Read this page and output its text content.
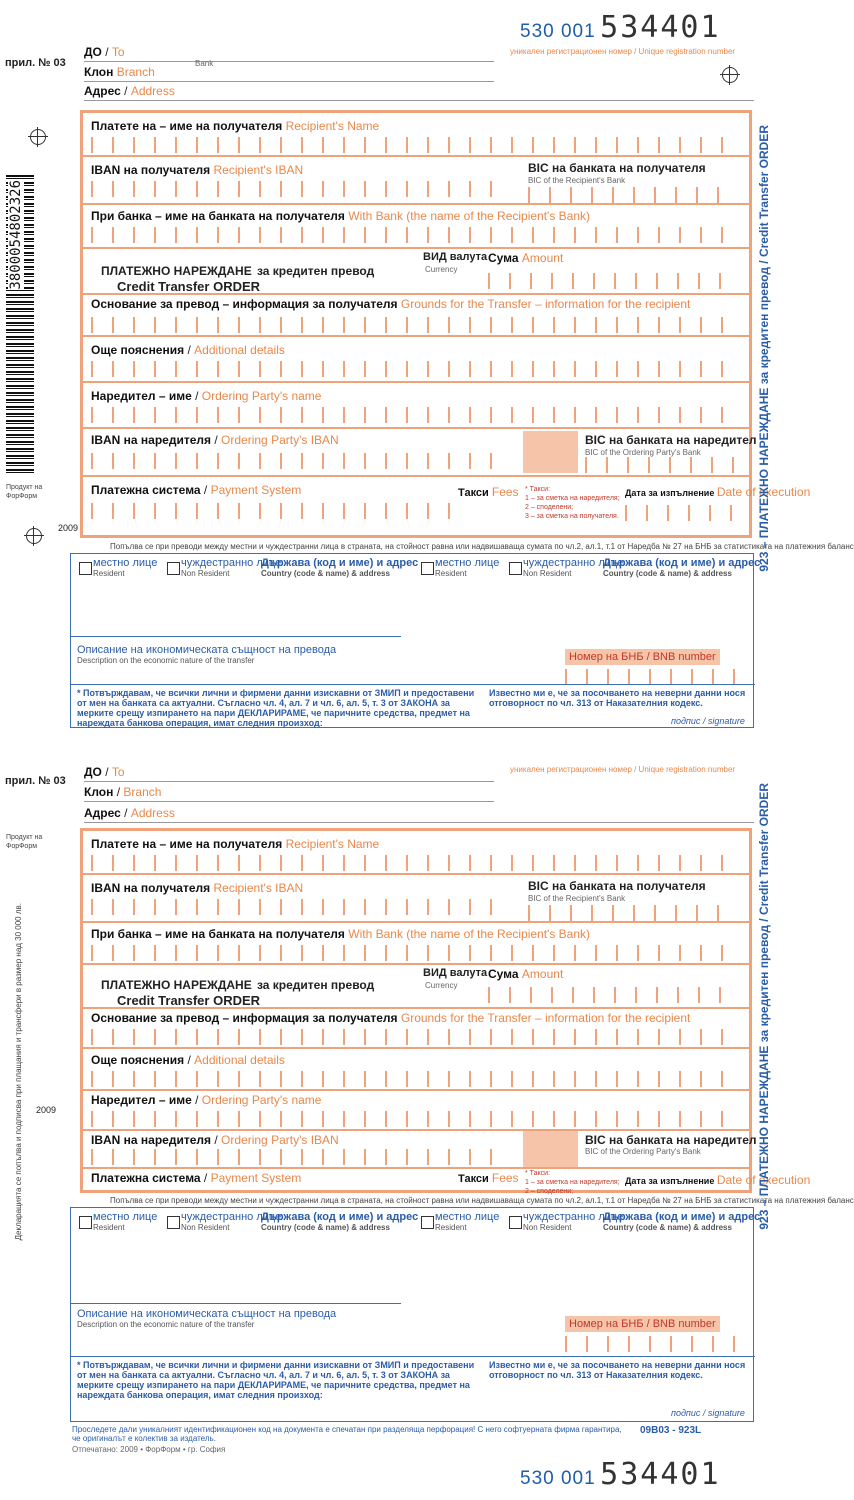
530 001 534401
прил. № 03
ДО / To
Bank
уникален регистрационен номер / Unique registration number
Клон Branch
Адрес / Address
3800054802326
Продукт на ФорФорм
2009
Платете на – име на получателя Recipient's Name
IBAN на получателя Recipient's IBAN	BIC на банката на получателя
BIC of the Recipient's Bank
При банка – име на банката на получателя With Bank (the name of the Recipient's Bank)
ПЛАТЕЖНО НАРЕЖДАНЕ за кредитен превод
Credit Transfer ORDER
ВИД валута
Currency
Сума Amount
Основание за превод – информация за получателя Grounds for the Transfer – information for the recipient
Още пояснения / Additional details
Наредител – име / Ordering Party's name
IBAN на наредителя / Ordering Party's IBAN	BIC на банката на наредител
BIC of the Ordering Party's Bank
Платежна система / Payment System	Такси Fees * Такси:
1 – за сметка на наредителя;
2 – споделени;
3 – за сметка на получателя.
Дата за изпълнение Date of execution
Попълва се при преводи между местни и чуждестранни лица в страната, на стойност равна или надвишаваща сумата по чл.2, ал.1, т.1 от Наредба № 27 на БНБ за статистиката на платежния баланс
местно лице
Resident
чуждестранно лице
Non Resident
Държава (код и име) и адрес
Country (code & name) & address
местно лице
Resident
чуждестранно лице
Non Resident
Държава (код и име) и адрес
Country (code & name) & address
Описание на икономическата същност на превода
Description on the economic nature of the transfer	Номер на БНБ / BNB number
* Потвърждавам, че всички лични и фирмени данни изискавни от ЗМИП и предоставени от мен на банката са актуални. Съгласно чл. 4, ал. 7 и чл. 6, ал. 5, т. 3 от ЗАКОНА за мерките срещу изпирането на пари ДЕКЛАРИРАМЕ, че паричните средства, предмет на нареждата банкова операция, имат следния произход:
Известно ми е, че за посочването на неверни данни нося отговорност по чл. 313 от Наказателния кодекс.
подпис / signature
923 – ПЛАТЕЖНО НАРЕЖДАНЕ за кредитен превод / Credit Transfer ORDER
прил. № 03
ДО / To	уникален регистрационен номер / Unique registration number
Клон / Branch
Адрес / Address
Продукт на ФорФорм
Декларацията се попълва и подписва при плащания и трансфери в размер над 30 000 лв. 2009
Платете на – име на получателя Recipient's Name
IBAN на получателя Recipient's IBAN	BIC на банката на получателя
BIC of the Recipient's Bank
При банка – име на банката на получателя With Bank (the name of the Recipient's Bank)
ПЛАТЕЖНО НАРЕЖДАНЕ за кредитен превод
Credit Transfer ORDER
ВИД валута
Currency
Сума Amount
Основание за превод – информация за получателя Grounds for the Transfer – information for the recipient
Още пояснения / Additional details
Наредител – име / Ordering Party's name
IBAN на наредителя / Ordering Party's IBAN	BIC на банката на наредител
BIC of the Ordering Party's Bank
Платежна система / Payment System	Такси Fees * Такси:
1 – за сметка на наредителя;
2 – споделени;
Дата за изпълнение Date of execution
Попълва се при преводи между местни и чуждестранни лица в страната, на стойност равна или надвишаваща сумата по чл.2, ал.1, т.1 от Наредба № 27 на БНБ за статистиката на платежния баланс
местно лице
Resident
чуждестранно лице
Non Resident
Държава (код и име) и адрес
Country (code & name) & address
местно лице
Resident
чуждестранно лице
Non Resident
Държава (код и име) и адрес
Country (code & name) & address
Описание на икономическата същност на превода
Description on the economic nature of the transfer	Номер на БНБ / BNB number
* Потвърждавам, че всички лични и фирмени данни изискавни от ЗМИП и предоставени от мен на банката са актуални. Съгласно чл. 4, ал. 7 и чл. 6, ал. 5, т. 3 от ЗАКОНА за мерките срещу изпирането на пари ДЕКЛАРИРАМЕ, че паричните средства, предмет на нареждата банкова операция, имат следния произход:
Известно ми е, че за посочването на неверни данни нося отговорност по чл. 313 от Наказателния кодекс.
подпис / signature
923 – ПЛАТЕЖНО НАРЕЖДАНЕ за кредитен превод / Credit Transfer ORDER
Проследете дали уникалният идентификационен код на документа е спечатан при разделяща перфорация! С него софтуерната фирма гарантира, че оригиналът е колектив за издатель.
09В03 - 923L
Отпечатано: 2009 • ФорФорм • гр. София
530 001 534401
